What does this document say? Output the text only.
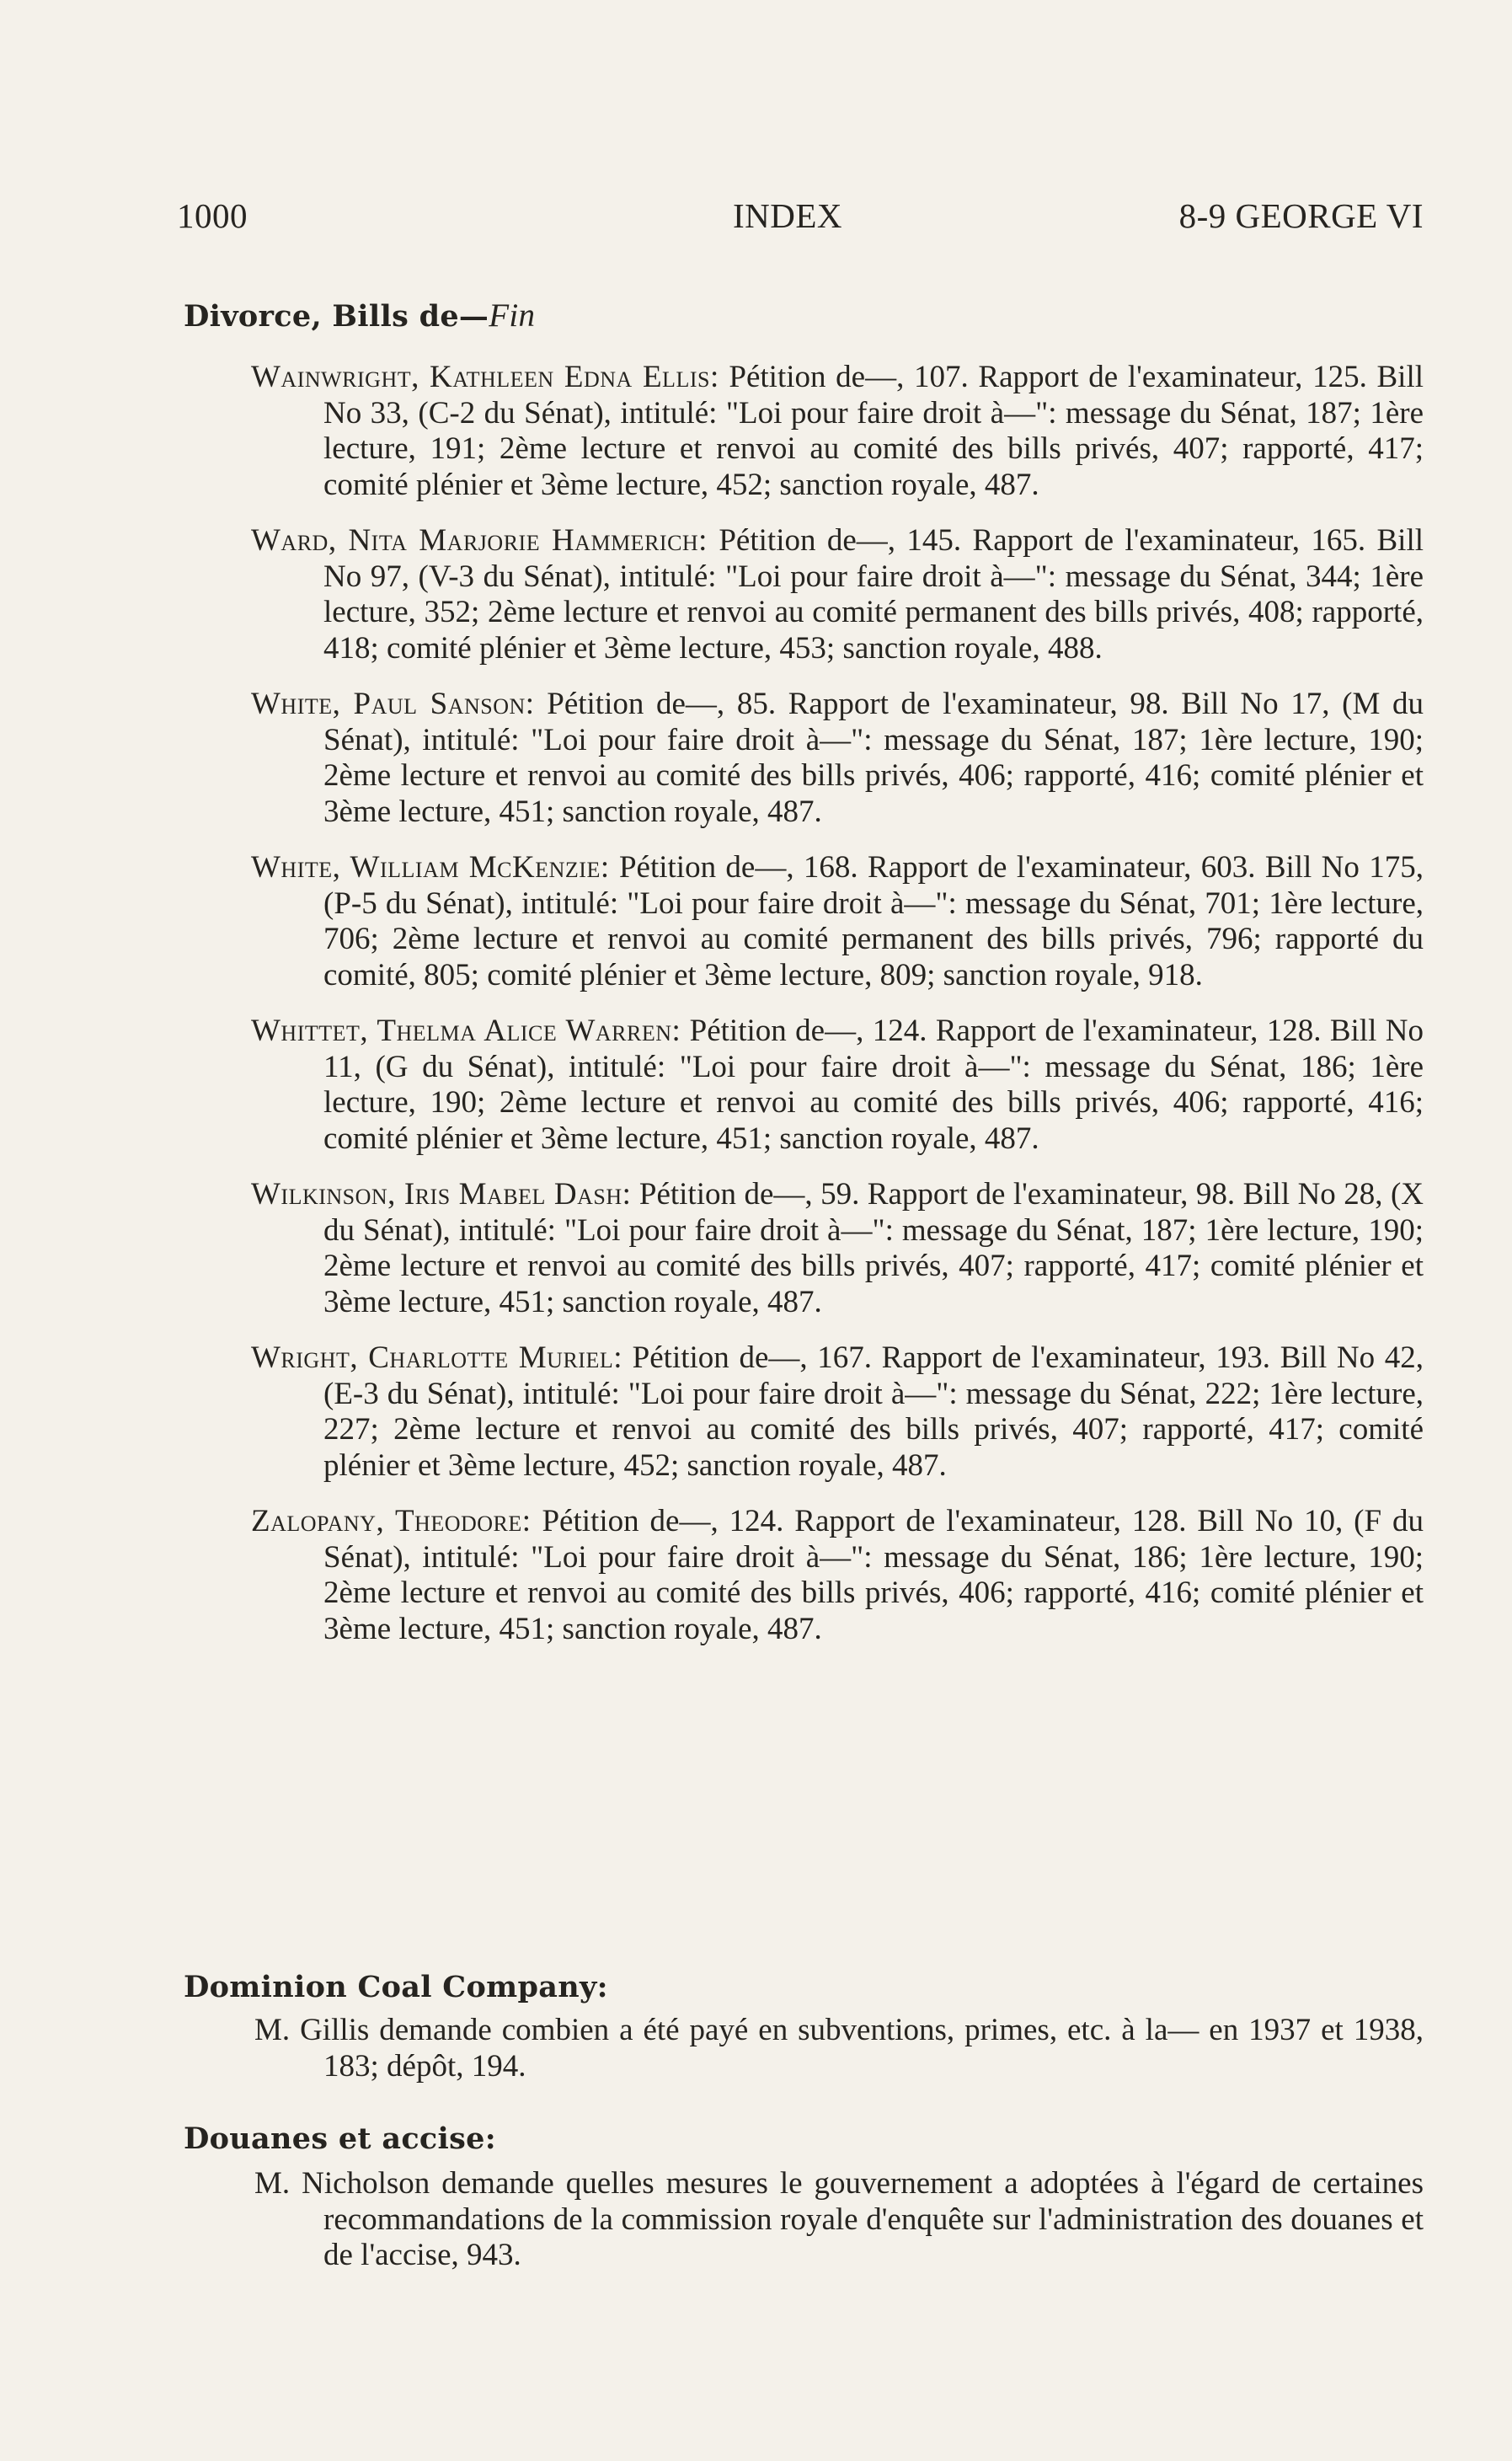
1000	INDEX	8-9 GEORGE VI
Divorce, Bills de—Fin
Wainwright, Kathleen Edna Ellis: Pétition de—, 107. Rapport de l'examinateur, 125. Bill No 33, (C-2 du Sénat), intitulé: "Loi pour faire droit à—": message du Sénat, 187; 1ère lecture, 191; 2ème lecture et renvoi au comité des bills privés, 407; rapporté, 417; comité plénier et 3ème lecture, 452; sanction royale, 487.
Ward, Nita Marjorie Hammerich: Pétition de—, 145. Rapport de l'examinateur, 165. Bill No 97, (V-3 du Sénat), intitulé: "Loi pour faire droit à—": message du Sénat, 344; 1ère lecture, 352; 2ème lecture et renvoi au comité permanent des bills privés, 408; rapporté, 418; comité plénier et 3ème lecture, 453; sanction royale, 488.
White, Paul Sanson: Pétition de—, 85. Rapport de l'examinateur, 98. Bill No 17, (M du Sénat), intitulé: "Loi pour faire droit à—": message du Sénat, 187; 1ère lecture, 190; 2ème lecture et renvoi au comité des bills privés, 406; rapporté, 416; comité plénier et 3ème lecture, 451; sanction royale, 487.
White, William McKenzie: Pétition de—, 168. Rapport de l'examinateur, 603. Bill No 175, (P-5 du Sénat), intitulé: "Loi pour faire droit à—": message du Sénat, 701; 1ère lecture, 706; 2ème lecture et renvoi au comité permanent des bills privés, 796; rapporté du comité, 805; comité plénier et 3ème lecture, 809; sanction royale, 918.
Whittet, Thelma Alice Warren: Pétition de—, 124. Rapport de l'examinateur, 128. Bill No 11, (G du Sénat), intitulé: "Loi pour faire droit à—": message du Sénat, 186; 1ère lecture, 190; 2ème lecture et renvoi au comité des bills privés, 406; rapporté, 416; comité plénier et 3ème lecture, 451; sanction royale, 487.
Wilkinson, Iris Mabel Dash: Pétition de—, 59. Rapport de l'examinateur, 98. Bill No 28, (X du Sénat), intitulé: "Loi pour faire droit à—": message du Sénat, 187; 1ère lecture, 190; 2ème lecture et renvoi au comité des bills privés, 407; rapporté, 417; comité plénier et 3ème lecture, 451; sanction royale, 487.
Wright, Charlotte Muriel: Pétition de—, 167. Rapport de l'examinateur, 193. Bill No 42, (E-3 du Sénat), intitulé: "Loi pour faire droit à—": message du Sénat, 222; 1ère lecture, 227; 2ème lecture et renvoi au comité des bills privés, 407; rapporté, 417; comité plénier et 3ème lecture, 452; sanction royale, 487.
Zalopany, Theodore: Pétition de—, 124. Rapport de l'examinateur, 128. Bill No 10, (F du Sénat), intitulé: "Loi pour faire droit à—": message du Sénat, 186; 1ère lecture, 190; 2ème lecture et renvoi au comité des bills privés, 406; rapporté, 416; comité plénier et 3ème lecture, 451; sanction royale, 487.
Dominion Coal Company:
M. Gillis demande combien a été payé en subventions, primes, etc. à la— en 1937 et 1938, 183; dépôt, 194.
Douanes et accise:
M. Nicholson demande quelles mesures le gouvernement a adoptées à l'égard de certaines recommandations de la commission royale d'enquête sur l'administration des douanes et de l'accise, 943.
